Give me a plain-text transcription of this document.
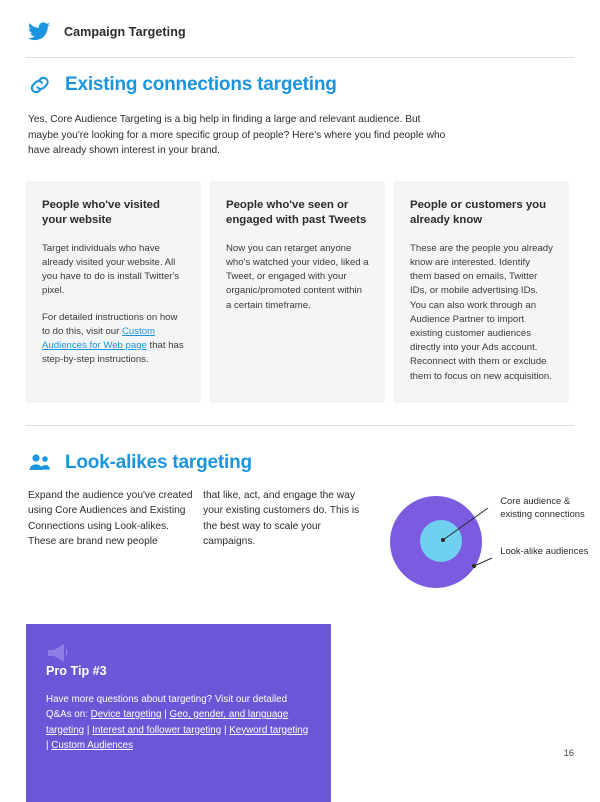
Campaign Targeting
Existing connections targeting
Yes, Core Audience Targeting is a big help in finding a large and relevant audience. But maybe you're looking for a more specific group of people? Here's where you find people who have already shown interest in your brand.
People who've visited your website

Target individuals who have already visited your website. All you have to do is install Twitter's pixel.

For detailed instructions on how to do this, visit our Custom Audiences for Web page that has step-by-step instructions.

People who've seen or engaged with past Tweets

Now you can retarget anyone who's watched your video, liked a Tweet, or engaged with your organic/promoted content within a certain timeframe.

People or customers you already know

These are the people you already know are interested. Identify them based on emails, Twitter IDs, or mobile advertising IDs. You can also work through an Audience Partner to import existing customer audiences directly into your Ads account. Reconnect with them or exclude them to focus on new acquisition.

Look-alikes targeting
Expand the audience you've created using Core Audiences and Existing Connections using Look-alikes. These are brand new people
that like, act, and engage the way your existing customers do. This is the best way to scale your campaigns.
Core audience & existing connections
Look-alike audiences
Pro Tip #3
Have more questions about targeting? Visit our detailed Q&As on: Device targeting | Geo, gender, and language targeting | Interest and follower targeting | Keyword targeting | Custom Audiences
16
